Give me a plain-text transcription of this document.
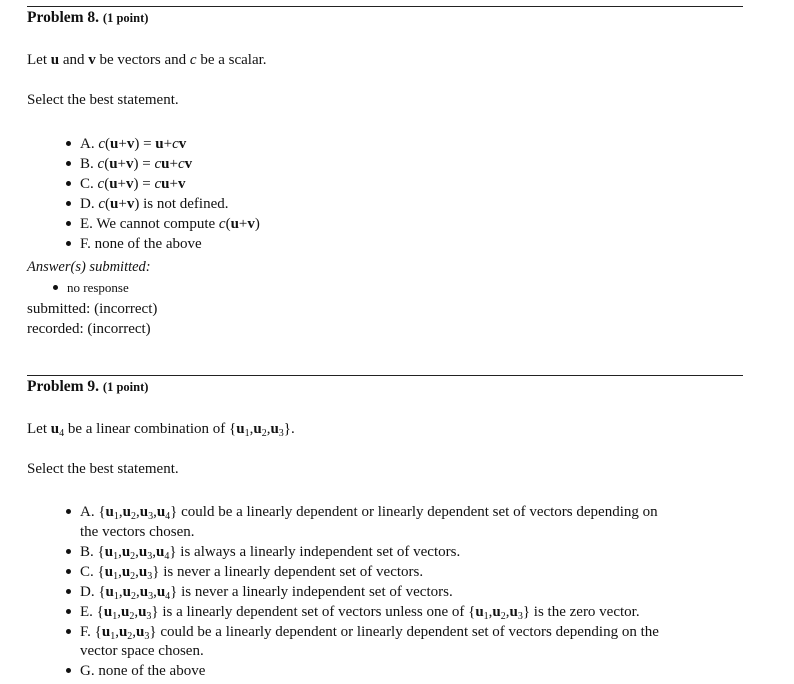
Problem 8. (1 point)
Let u and v be vectors and c be a scalar.
Select the best statement.
A. c(u+v) = u+cv
B. c(u+v) = cu+cv
C. c(u+v) = cu+v
D. c(u+v) is not defined.
E. We cannot compute c(u+v)
F. none of the above
Answer(s) submitted:
no response
submitted: (incorrect)
recorded: (incorrect)
Problem 9. (1 point)
Let $u_4$ be a linear combination of $\{u_1,u_2,u_3\}$.
Select the best statement.
A. $\{u_1,u_2,u_3,u_4\}$ could be a linearly dependent or linearly dependent set of vectors depending on
the vectors chosen.
B. $\{u_1,u_2,u_3,u_4\}$ is always a linearly independent set of vectors.
C. $\{u_1,u_2,u_3\}$ is never a linearly dependent set of vectors.
D. $\{u_1,u_2,u_3,u_4\}$ is never a linearly independent set of vectors.
E. $\{u_1,u_2,u_3\}$ is a linearly dependent set of vectors unless one of $\{u_1,u_2,u_3\}$ is the zero vector.
F. $\{u_1,u_2,u_3\}$ could be a linearly dependent or linearly dependent set of vectors depending on the
vector space chosen.
G. none of the above
